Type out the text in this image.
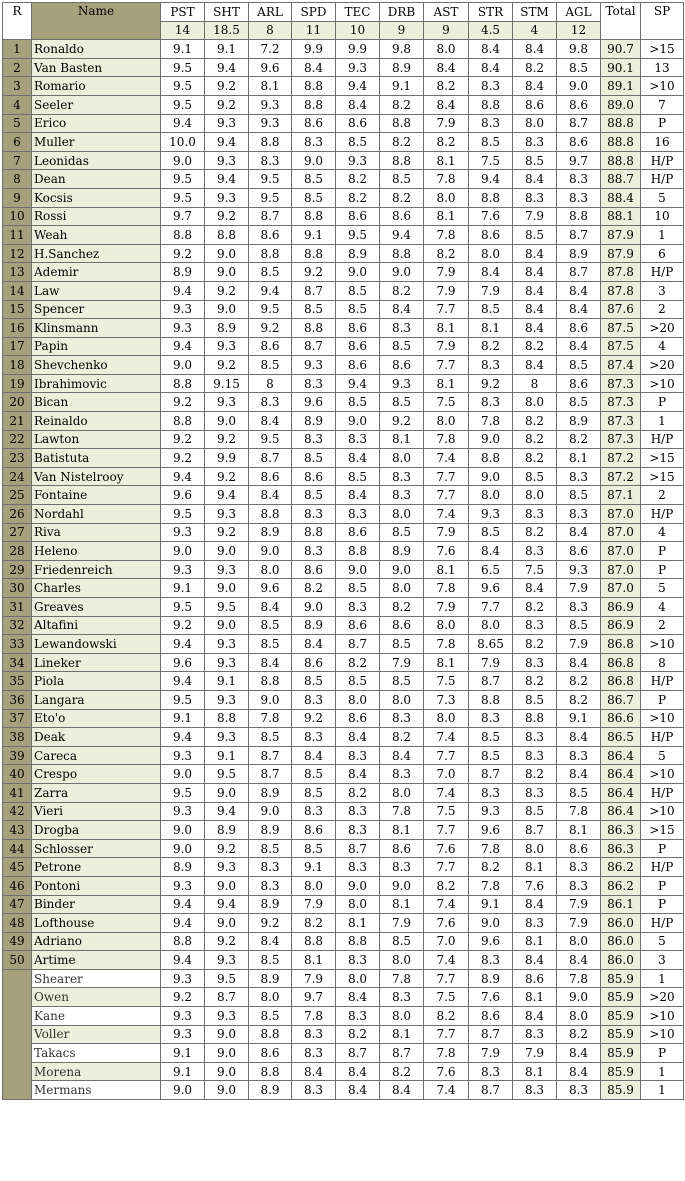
R	Name	PST	SHT	ARL	SPD	TEC	DRB	AST	STR	STM	AGL	Total	SP
		14	18.5	8	11	10	9	9	4.5	4	12		
1	Ronaldo	9.1	9.1	7.2	9.9	9.9	9.8	8.0	8.4	8.4	9.8	90.7	>15
2	Van Basten	9.5	9.4	9.6	8.4	9.3	8.9	8.4	8.4	8.2	8.5	90.1	13
3	Romario	9.5	9.2	8.1	8.8	9.4	9.1	8.2	8.3	8.4	9.0	89.1	>10
4	Seeler	9.5	9.2	9.3	8.8	8.4	8.2	8.4	8.8	8.6	8.6	89.0	7
5	Erico	9.4	9.3	9.3	8.6	8.6	8.8	7.9	8.3	8.0	8.7	88.8	P
6	Muller	10.0	9.4	8.8	8.3	8.5	8.2	8.2	8.5	8.3	8.6	88.8	16
7	Leonidas	9.0	9.3	8.3	9.0	9.3	8.8	8.1	7.5	8.5	9.7	88.8	H/P
8	Dean	9.5	9.4	9.5	8.5	8.2	8.5	7.8	9.4	8.4	8.3	88.7	H/P
9	Kocsis	9.5	9.3	9.5	8.5	8.2	8.2	8.0	8.8	8.3	8.3	88.4	5
10	Rossi	9.7	9.2	8.7	8.8	8.6	8.6	8.1	7.6	7.9	8.8	88.1	10
11	Weah	8.8	8.8	8.6	9.1	9.5	9.4	7.8	8.6	8.5	8.7	87.9	1
12	H.Sanchez	9.2	9.0	8.8	8.8	8.9	8.8	8.2	8.0	8.4	8.9	87.9	6
13	Ademir	8.9	9.0	8.5	9.2	9.0	9.0	7.9	8.4	8.4	8.7	87.8	H/P
14	Law	9.4	9.2	9.4	8.7	8.5	8.2	7.9	7.9	8.4	8.4	87.8	3
15	Spencer	9.3	9.0	9.5	8.5	8.5	8.4	7.7	8.5	8.4	8.4	87.6	2
16	Klinsmann	9.3	8.9	9.2	8.8	8.6	8.3	8.1	8.1	8.4	8.6	87.5	>20
17	Papin	9.4	9.3	8.6	8.7	8.6	8.5	7.9	8.2	8.2	8.4	87.5	4
18	Shevchenko	9.0	9.2	8.5	9.3	8.6	8.6	7.7	8.3	8.4	8.5	87.4	>20
19	Ibrahimovic	8.8	9.15	8	8.3	9.4	9.3	8.1	9.2	8	8.6	87.3	>10
20	Bican	9.2	9.3	8.3	9.6	8.5	8.5	7.5	8.3	8.0	8.5	87.3	P
21	Reinaldo	8.8	9.0	8.4	8.9	9.0	9.2	8.0	7.8	8.2	8.9	87.3	1
22	Lawton	9.2	9.2	9.5	8.3	8.3	8.1	7.8	9.0	8.2	8.2	87.3	H/P
23	Batistuta	9.2	9.9	8.7	8.5	8.4	8.0	7.4	8.8	8.2	8.1	87.2	>15
24	Van Nistelrooy	9.4	9.2	8.6	8.6	8.5	8.3	7.7	9.0	8.5	8.3	87.2	>15
25	Fontaine	9.6	9.4	8.4	8.5	8.4	8.3	7.7	8.0	8.0	8.5	87.1	2
26	Nordahl	9.5	9.3	8.8	8.3	8.3	8.0	7.4	9.3	8.3	8.3	87.0	H/P
27	Riva	9.3	9.2	8.9	8.8	8.6	8.5	7.9	8.5	8.2	8.4	87.0	4
28	Heleno	9.0	9.0	9.0	8.3	8.8	8.9	7.6	8.4	8.3	8.6	87.0	P
29	Friedenreich	9.3	9.3	8.0	8.6	9.0	9.0	8.1	6.5	7.5	9.3	87.0	P
30	Charles	9.1	9.0	9.6	8.2	8.5	8.0	7.8	9.6	8.4	7.9	87.0	5
31	Greaves	9.5	9.5	8.4	9.0	8.3	8.2	7.9	7.7	8.2	8.3	86.9	4
32	Altafini	9.2	9.0	8.5	8.9	8.6	8.6	8.0	8.0	8.3	8.5	86.9	2
33	Lewandowski	9.4	9.3	8.5	8.4	8.7	8.5	7.8	8.65	8.2	7.9	86.8	>10
34	Lineker	9.6	9.3	8.4	8.6	8.2	7.9	8.1	7.9	8.3	8.4	86.8	8
35	Piola	9.4	9.1	8.8	8.5	8.5	8.5	7.5	8.7	8.2	8.2	86.8	H/P
36	Langara	9.5	9.3	9.0	8.3	8.0	8.0	7.3	8.8	8.5	8.2	86.7	P
37	Eto'o	9.1	8.8	7.8	9.2	8.6	8.3	8.0	8.3	8.8	9.1	86.6	>10
38	Deak	9.4	9.3	8.5	8.3	8.4	8.2	7.4	8.5	8.3	8.4	86.5	H/P
39	Careca	9.3	9.1	8.7	8.4	8.3	8.4	7.7	8.5	8.3	8.3	86.4	5
40	Crespo	9.0	9.5	8.7	8.5	8.4	8.3	7.0	8.7	8.2	8.4	86.4	>10
41	Zarra	9.5	9.0	8.9	8.5	8.2	8.0	7.4	8.3	8.3	8.5	86.4	H/P
42	Vieri	9.3	9.4	9.0	8.3	8.3	7.8	7.5	9.3	8.5	7.8	86.4	>10
43	Drogba	9.0	8.9	8.9	8.6	8.3	8.1	7.7	9.6	8.7	8.1	86.3	>15
44	Schlosser	9.0	9.2	8.5	8.5	8.7	8.6	7.6	7.8	8.0	8.6	86.3	P
45	Petrone	8.9	9.3	8.3	9.1	8.3	8.3	7.7	8.2	8.1	8.3	86.2	H/P
46	Pontoni	9.3	9.0	8.3	8.0	9.0	9.0	8.2	7.8	7.6	8.3	86.2	P
47	Binder	9.4	9.4	8.9	7.9	8.0	8.1	7.4	9.1	8.4	7.9	86.1	P
48	Lofthouse	9.4	9.0	9.2	8.2	8.1	7.9	7.6	9.0	8.3	7.9	86.0	H/P
49	Adriano	8.8	9.2	8.4	8.8	8.8	8.5	7.0	9.6	8.1	8.0	86.0	5
50	Artime	9.4	9.3	8.5	8.1	8.3	8.0	7.4	8.3	8.4	8.4	86.0	3
	Shearer	9.3	9.5	8.9	7.9	8.0	7.8	7.7	8.9	8.6	7.8	85.9	1
	Owen	9.2	8.7	8.0	9.7	8.4	8.3	7.5	7.6	8.1	9.0	85.9	>20
	Kane	9.3	9.3	8.5	7.8	8.3	8.0	8.2	8.6	8.4	8.0	85.9	>10
	Voller	9.3	9.0	8.8	8.3	8.2	8.1	7.7	8.7	8.3	8.2	85.9	>10
	Takacs	9.1	9.0	8.6	8.3	8.7	8.7	7.8	7.9	7.9	8.4	85.9	P
	Morena	9.1	9.0	8.8	8.4	8.4	8.2	7.6	8.3	8.1	8.4	85.9	1
	Mermans	9.0	9.0	8.9	8.3	8.4	8.4	7.4	8.7	8.3	8.3	85.9	1
